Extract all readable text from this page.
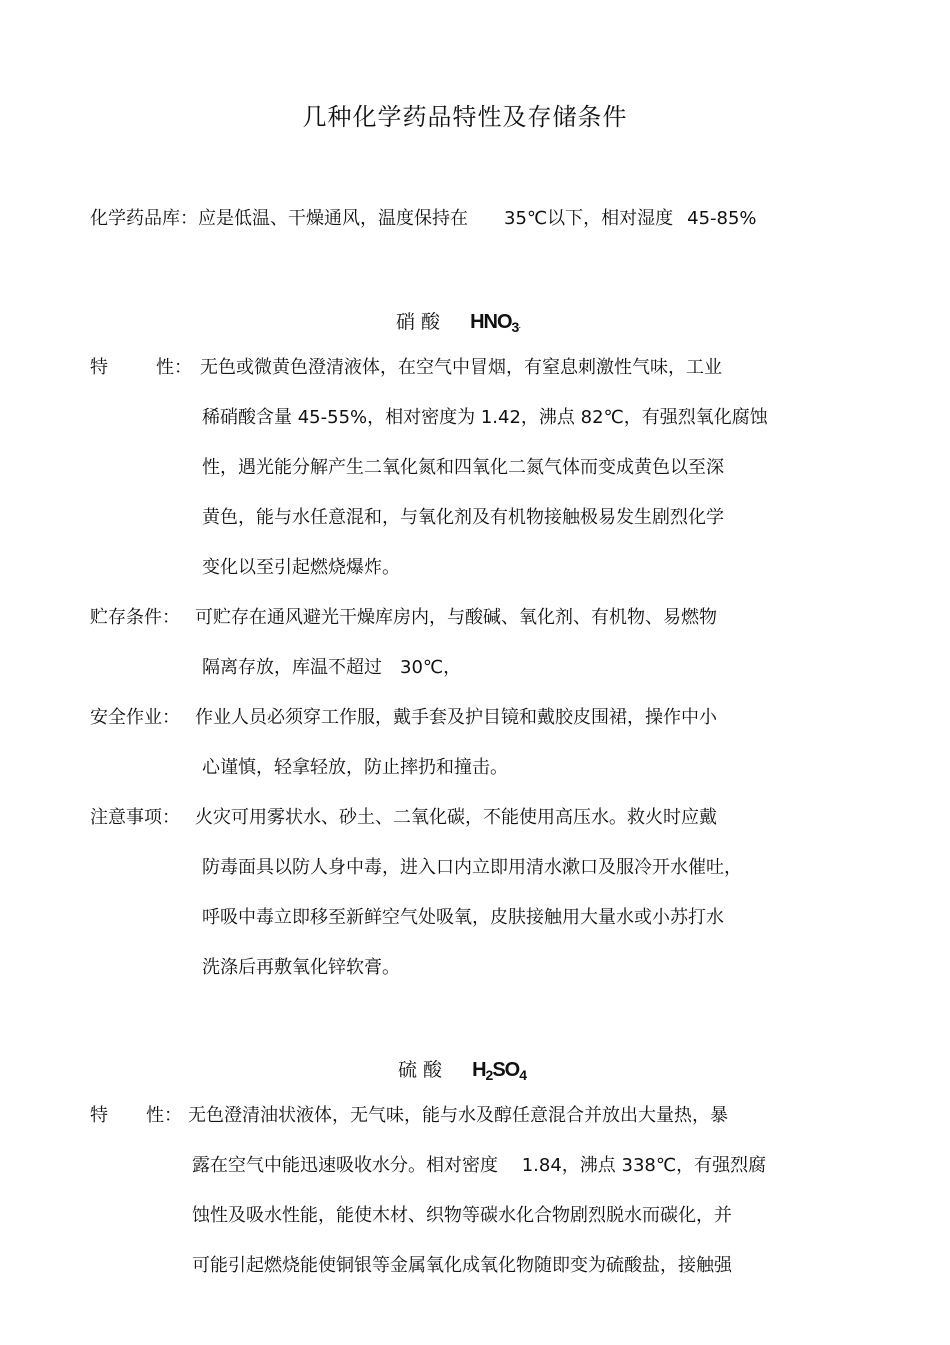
几种化学药品特性及存储条件
化学药品库：应是低温、干燥通风，温度保持在 35℃以下，相对湿度 45-85%
硝 酸 $HNO_3$.
特	性： 无色或微黄色澄清液体，在空气中冒烟，有窒息刺激性气味，工业
稀硝酸含量 45-55%，相对密度为 1.42，沸点 82℃，有强烈氧化腐蚀
性，遇光能分解产生二氧化氮和四氧化二氮气体而变成黄色以至深
黄色，能与水任意混和，与氧化剂及有机物接触极易发生剧烈化学
变化以至引起燃烧爆炸。
贮存条件： 可贮存在通风避光干燥库房内，与酸碱、氧化剂、有机物、易燃物
隔离存放，库温不超过　30℃，
安全作业： 作业人员必须穿工作服，戴手套及护目镜和戴胶皮围裙，操作中小
心谨慎，轻拿轻放，防止摔扔和撞击。
注意事项： 火灾可用雾状水、砂土、二氧化碳，不能使用高压水。救火时应戴
防毒面具以防人身中毒，进入口内立即用清水漱口及服冷开水催吐，
呼吸中毒立即移至新鲜空气处吸氧，皮肤接触用大量水或小苏打水
洗涤后再敷氧化锌软膏。
硫 酸 $H_2SO_4$
特 性： 无色澄清油状液体，无气味，能与水及醇任意混合并放出大量热，暴
露在空气中能迅速吸收水分。相对密度　 1.84，沸点 338℃，有强烈腐
蚀性及吸水性能，能使木材、织物等碳水化合物剧烈脱水而碳化，并
可能引起燃烧能使铜银等金属氧化成氧化物随即变为硫酸盐，接触强
